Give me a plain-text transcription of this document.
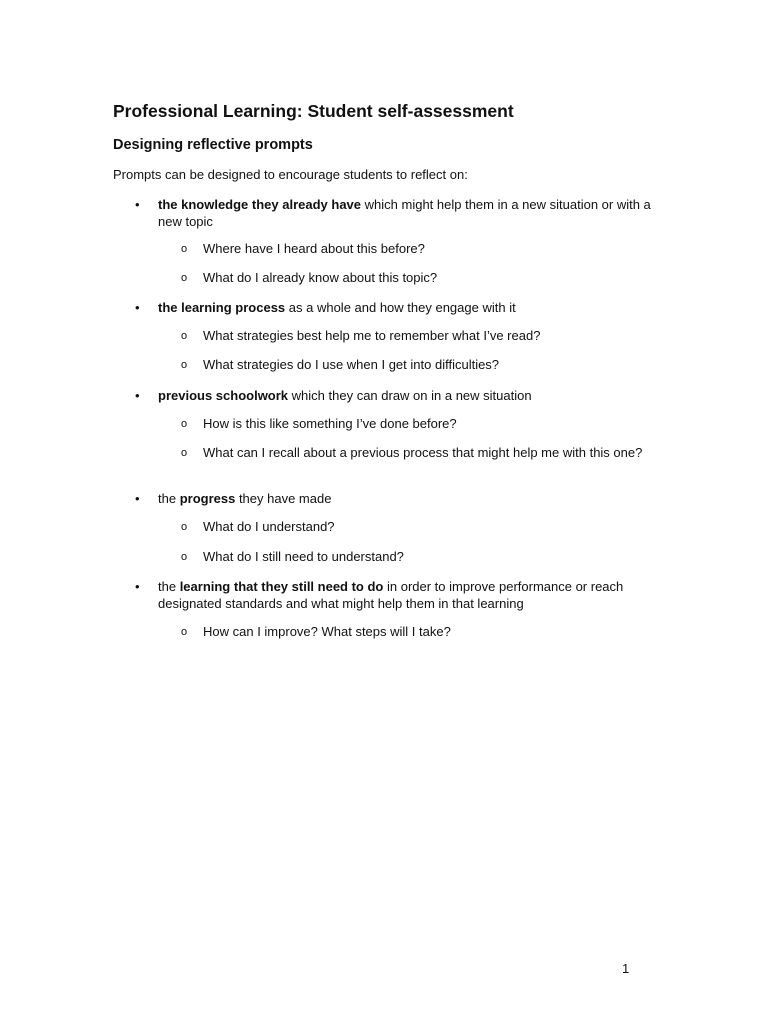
Professional Learning: Student self-assessment
Designing reflective prompts

Prompts can be designed to encourage students to reflect on:

•	the knowledge they already have which might help them in a new situation or with a new topic
o Where have I heard about this before?
o What do I already know about this topic?
•	the learning process as a whole and how they engage with it
o What strategies best help me to remember what I’ve read?
o What strategies do I use when I get into difficulties?
•	previous schoolwork which they can draw on in a new situation
o How is this like something I’ve done before?
o What can I recall about a previous process that might help me with this one?
•	the progress they have made
o What do I understand?
o What do I still need to understand?
•	the learning that they still need to do in order to improve performance or reach designated standards and what might help them in that learning
o How can I improve? What steps will I take?
1
